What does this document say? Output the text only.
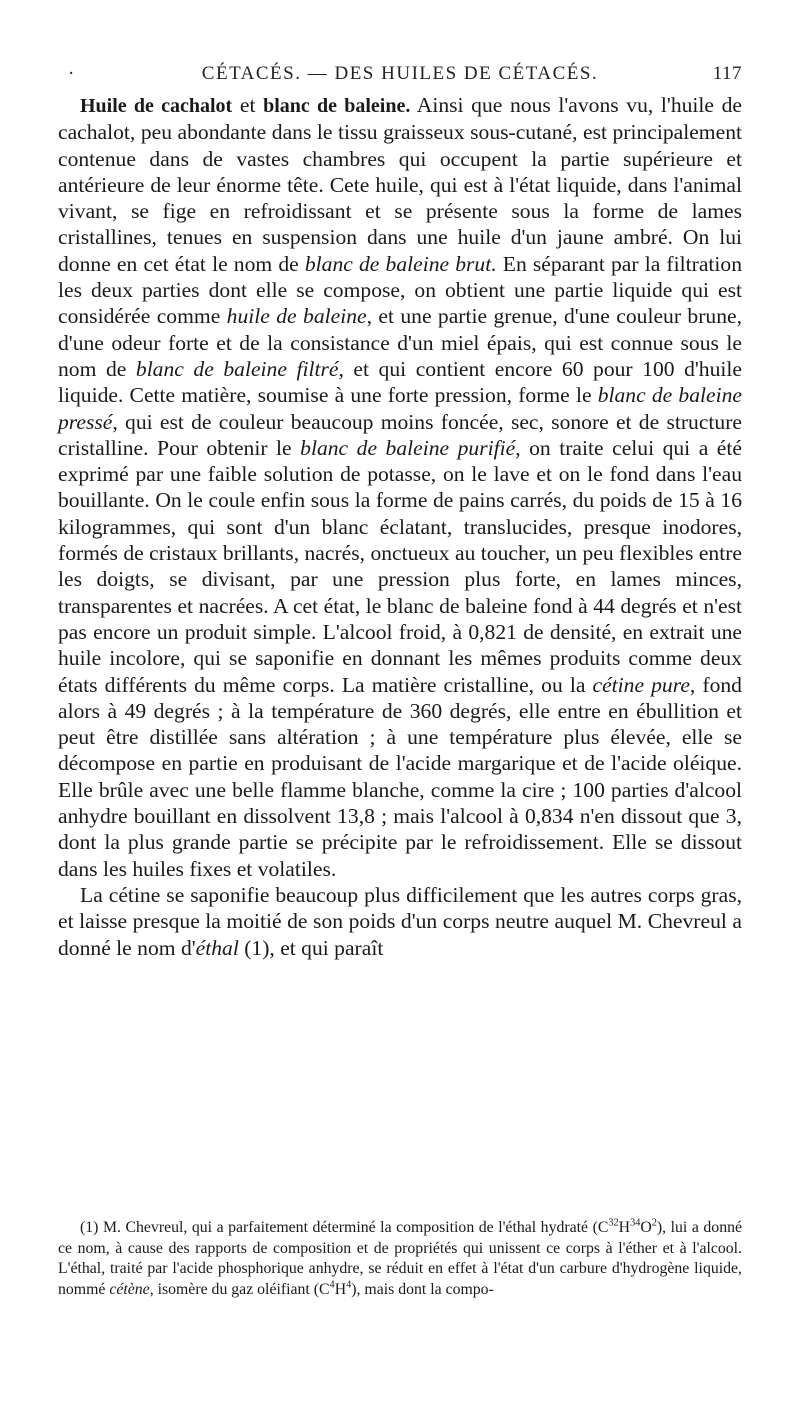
·	CÉTACÉS. — DES HUILES DE CÉTACÉS.	117

Huile de cachalot et blanc de baleine. Ainsi que nous l'avons vu, l'huile de cachalot, peu abondante dans le tissu graisseux sous-cutané, est principalement contenue dans de vastes chambres qui occupent la partie supérieure et antérieure de leur énorme tête. Cete huile, qui est à l'état liquide, dans l'animal vivant, se fige en refroidissant et se présente sous la forme de lames cristallines, tenues en suspension dans une huile d'un jaune ambré. On lui donne en cet état le nom de blanc de baleine brut. En séparant par la filtration les deux parties dont elle se compose, on obtient une partie liquide qui est considérée comme huile de baleine, et une partie grenue, d'une couleur brune, d'une odeur forte et de la consistance d'un miel épais, qui est connue sous le nom de blanc de baleine filtré, et qui contient encore 60 pour 100 d'huile liquide. Cette matière, soumise à une forte pression, forme le blanc de baleine pressé, qui est de couleur beaucoup moins foncée, sec, sonore et de structure cristalline. Pour obtenir le blanc de baleine purifié, on traite celui qui a été exprimé par une faible solution de potasse, on le lave et on le fond dans l'eau bouillante. On le coule enfin sous la forme de pains carrés, du poids de 15 à 16 kilogrammes, qui sont d'un blanc éclatant, translucides, presque inodores, formés de cristaux brillants, nacrés, onctueux au toucher, un peu flexibles entre les doigts, se divisant, par une pression plus forte, en lames minces, transparentes et nacrées. A cet état, le blanc de baleine fond à 44 degrés et n'est pas encore un produit simple. L'alcool froid, à 0,821 de densité, en extrait une huile incolore, qui se saponifie en donnant les mêmes produits comme deux états différents du même corps. La matière cristalline, ou la cétine pure, fond alors à 49 degrés ; à la température de 360 degrés, elle entre en ébullition et peut être distillée sans altération ; à une température plus élevée, elle se décompose en partie en produisant de l'acide margarique et de l'acide oléique. Elle brûle avec une belle flamme blanche, comme la cire ; 100 parties d'alcool anhydre bouillant en dissolvent 13,8 ; mais l'alcool à 0,834 n'en dissout que 3, dont la plus grande partie se précipite par le refroidissement. Elle se dissout dans les huiles fixes et volatiles.

La cétine se saponifie beaucoup plus difficilement que les autres corps gras, et laisse presque la moitié de son poids d'un corps neutre auquel M. Chevreul a donné le nom d'éthal (1), et qui paraît

(1) M. Chevreul, qui a parfaitement déterminé la composition de l'éthal hydraté $(C^{32}H^{34}O^2)$, lui a donné ce nom, à cause des rapports de composition et de propriétés qui unissent ce corps à l'éther et à l'alcool. L'éthal, traité par l'acide phosphorique anhydre, se réduit en effet à l'état d'un carbure d'hydrogène liquide, nommé cétène, isomère du gaz oléifiant $(C^4H^4)$, mais dont la compo-
